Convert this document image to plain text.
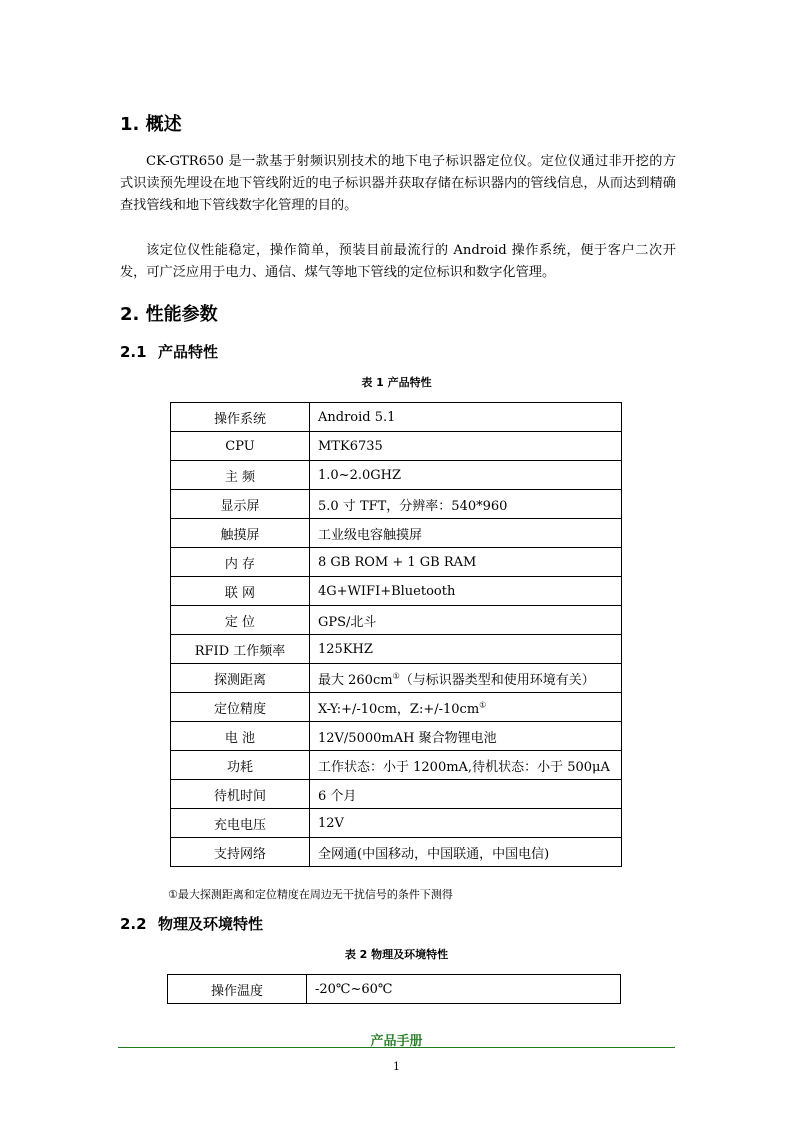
1. 概述

CK-GTR650 是一款基于射频识别技术的地下电子标识器定位仪。定位仪通过非开挖的方式识读预先埋设在地下管线附近的电子标识器并获取存储在标识器内的管线信息，从而达到精确查找管线和地下管线数字化管理的目的。

该定位仪性能稳定，操作简单，预装目前最流行的 Android 操作系统，便于客户二次开发，可广泛应用于电力、通信、煤气等地下管线的定位标识和数字化管理。

2. 性能参数
2.1 产品特性

表 1 产品特性

操作系统	Android 5.1
CPU	MTK6735
主 频	1.0~2.0GHZ
显示屏	5.0 寸 TFT，分辨率：540*960
触摸屏	工业级电容触摸屏
内 存	8 GB ROM + 1 GB RAM
联 网	4G+WIFI+Bluetooth
定 位	GPS/北斗
RFID 工作频率	125KHZ
探测距离	最大 260cm①（与标识器类型和使用环境有关）
定位精度	X-Y:+/-10cm，Z:+/-10cm①
电 池	12V/5000mAH 聚合物锂电池
功耗	工作状态：小于 1200mA,待机状态：小于 500μA
待机时间	6 个月
充电电压	12V
支持网络	全网通(中国移动，中国联通，中国电信)

①最大探测距离和定位精度在周边无干扰信号的条件下测得

2.2 物理及环境特性

表 2 物理及环境特性

操作温度	-20℃~60℃

产品手册

1
